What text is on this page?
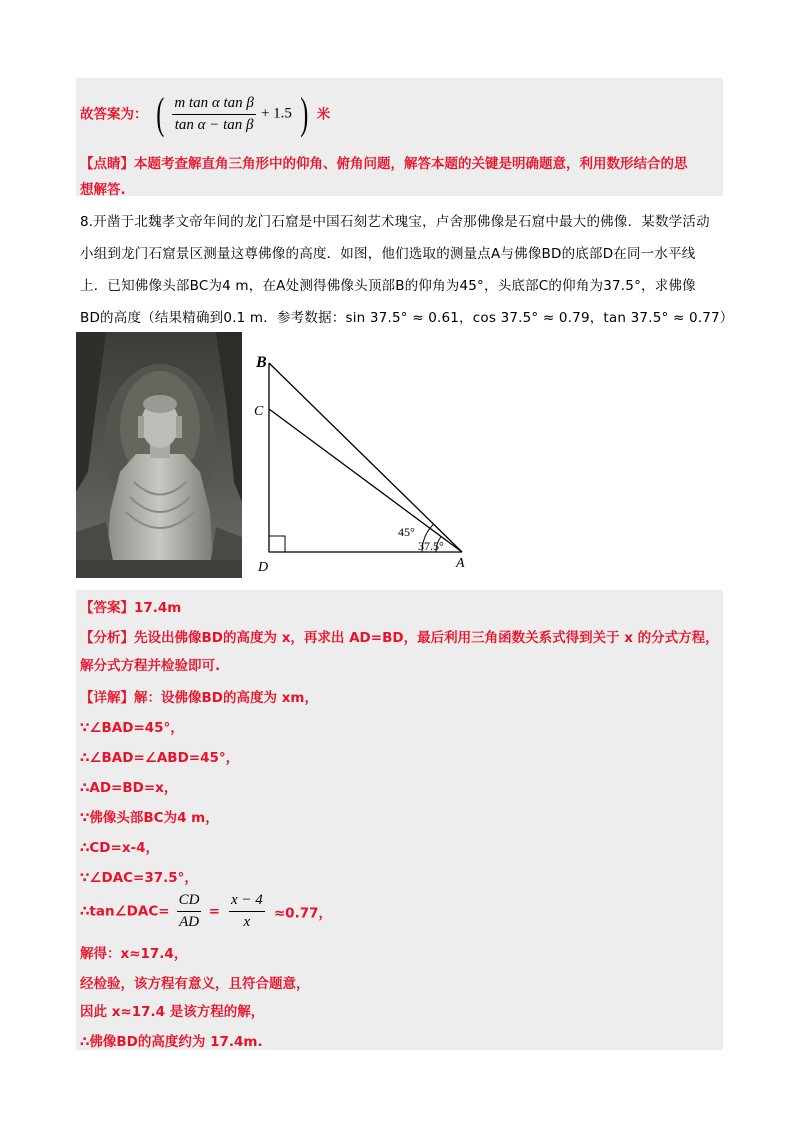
故答案为： ( $\frac{\text{m tan α tan β}}{\text{tan α − tan β}} + 1.5$ ) 米
【点睛】本题考查解直角三角形中的仰角、俯角问题，解答本题的关键是明确题意，利用数形结合的思
想解答.
8.开凿于北魏孝文帝年间的龙门石窟是中国石刻艺术瑰宝，卢舍那佛像是石窟中最大的佛像．某数学活动
小组到龙门石窟景区测量这尊佛像的高度．如图，他们选取的测量点A与佛像BD的底部D在同一水平线
上．已知佛像头部BC为4 m，在A处测得佛像头顶部B的仰角为45°，头底部C的仰角为37.5°，求佛像
BD的高度（结果精确到0.1 m．参考数据：sin 37.5° ≈ 0.61，cos 37.5° ≈ 0.79，tan 37.5° ≈ 0.77）
B
C
D	A
45°
37.5°
【答案】17.4m
【分析】先设出佛像BD的高度为 x，再求出 AD=BD，最后利用三角函数关系式得到关于 x 的分式方程，
解分式方程并检验即可.
【详解】解：设佛像BD的高度为 xm，
∵∠BAD=45°，
∴∠BAD=∠ABD=45°，
∴AD=BD=x，
∵佛像头部BC为4 m，
∴CD=x-4，
∵∠DAC=37.5°，
∴tan∠DAC= $\frac{CD}{AD} = \frac{x - 4}{x} \approx 0.77$，
解得：x≈17.4，
经检验，该方程有意义，且符合题意，
因此 x≈17.4 是该方程的解，
∴佛像BD的高度约为 17.4m.
